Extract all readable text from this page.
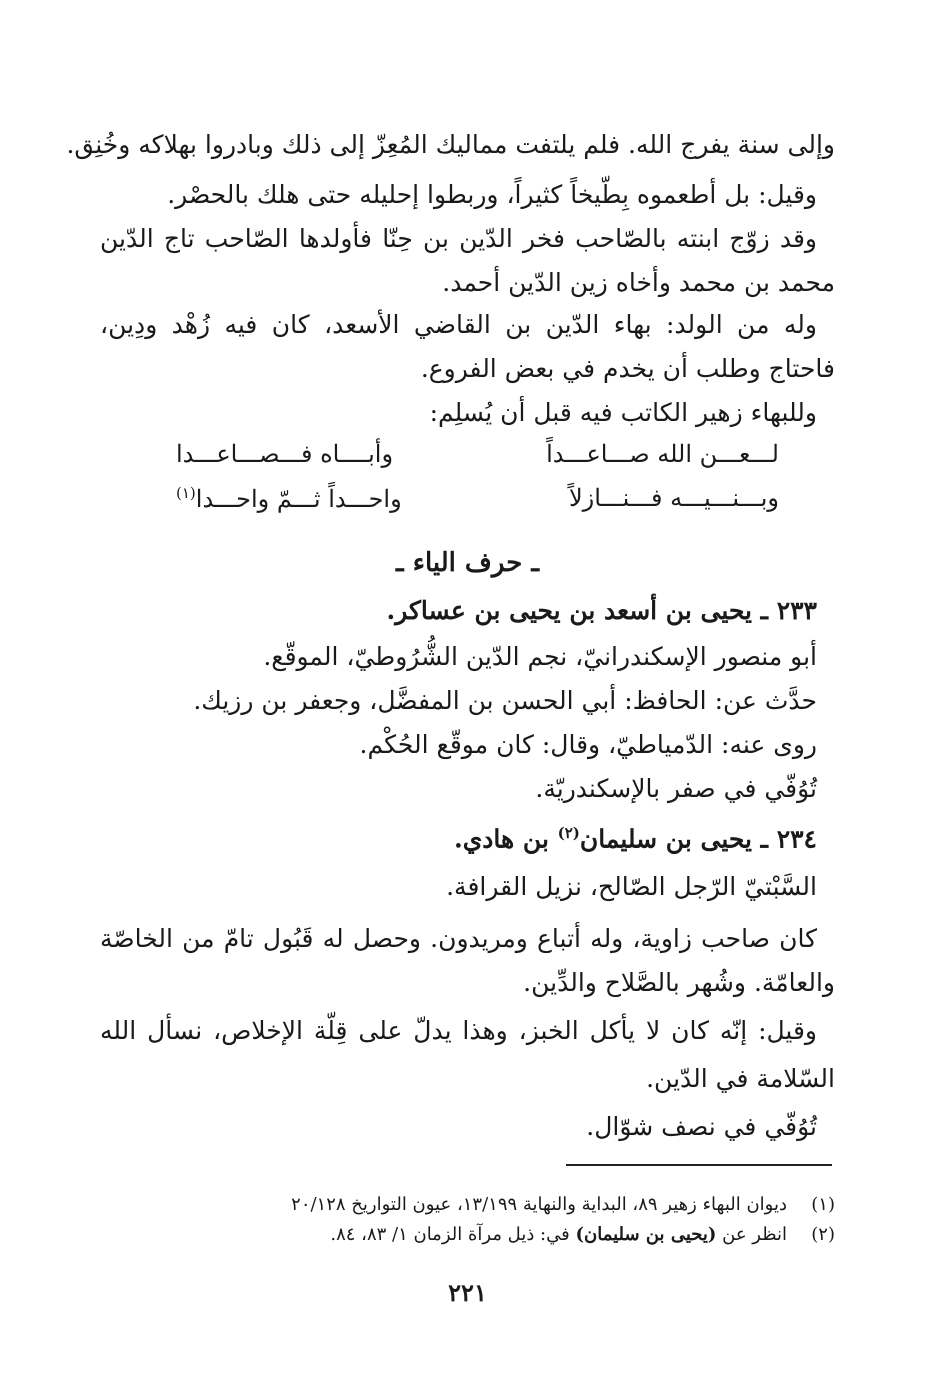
وإلى سنة يفرج الله. فلم يلتفت مماليك المُعِزّ إلى ذلك وبادروا بهلاكه وخُنِق.
وقيل: بل أطعموه بِطّيخاً كثيراً، وربطوا إحليله حتى هلك بالحصْر.
وقد زوّج ابنته بالصّاحب فخر الدّين بن حِنّا فأولدها الصّاحب تاج الدّين
محمد بن محمد وأخاه زين الدّين أحمد.
وله من الولد: بهاء الدّين بن القاضي الأسعد، كان فيه زُهْد ودِين،
فاحتاج وطلب أن يخدم في بعض الفروع.
وللبهاء زهير الكاتب فيه قبل أن يُسلِم:
لـــعـــن الله صـــاعـــداً
وأبــــاه فـــصـــاعـــدا
وبـــنـــيـــه فـــنـــازلاً
واحـــداً ثـــمّ واحـــدا$^{(١)}$
ـ حرف الياء ـ
٢٣٣ ـ يحيى بن أسعد بن يحيى بن عساكر.
أبو منصور الإسكندرانيّ، نجم الدّين الشُّرُوطيّ، الموقّع.
حدَّث عن: الحافظ: أبي الحسن بن المفضَّل، وجعفر بن رزيك.
روى عنه: الدّمياطيّ، وقال: كان موقّع الحُكْم.
تُوُفّي في صفر بالإسكندريّة.
٢٣٤ ـ يحيى بن سليمان$^{(٢)}$ بن هادي.
السَّبْتيّ الرّجل الصّالح، نزيل القرافة.
كان صاحب زاوية، وله أتباع ومريدون. وحصل له قَبُول تامّ من الخاصّة
والعامّة. وشُهر بالصَّلاح والدِّين.
وقيل: إنّه كان لا يأكل الخبز، وهذا يدلّ على قِلّة الإخلاص، نسأل الله
السّلامة في الدّين.
تُوُفّي في نصف شوّال.
(١)ديوان البهاء زهير ٨٩، البداية والنهاية ١٣/١٩٩، عيون التواريخ ٢٠/١٢٨
(٢)انظر عن (يحيى بن سليمان) في: ذيل مرآة الزمان ١/ ٨٣، ٨٤.
٢٢١
